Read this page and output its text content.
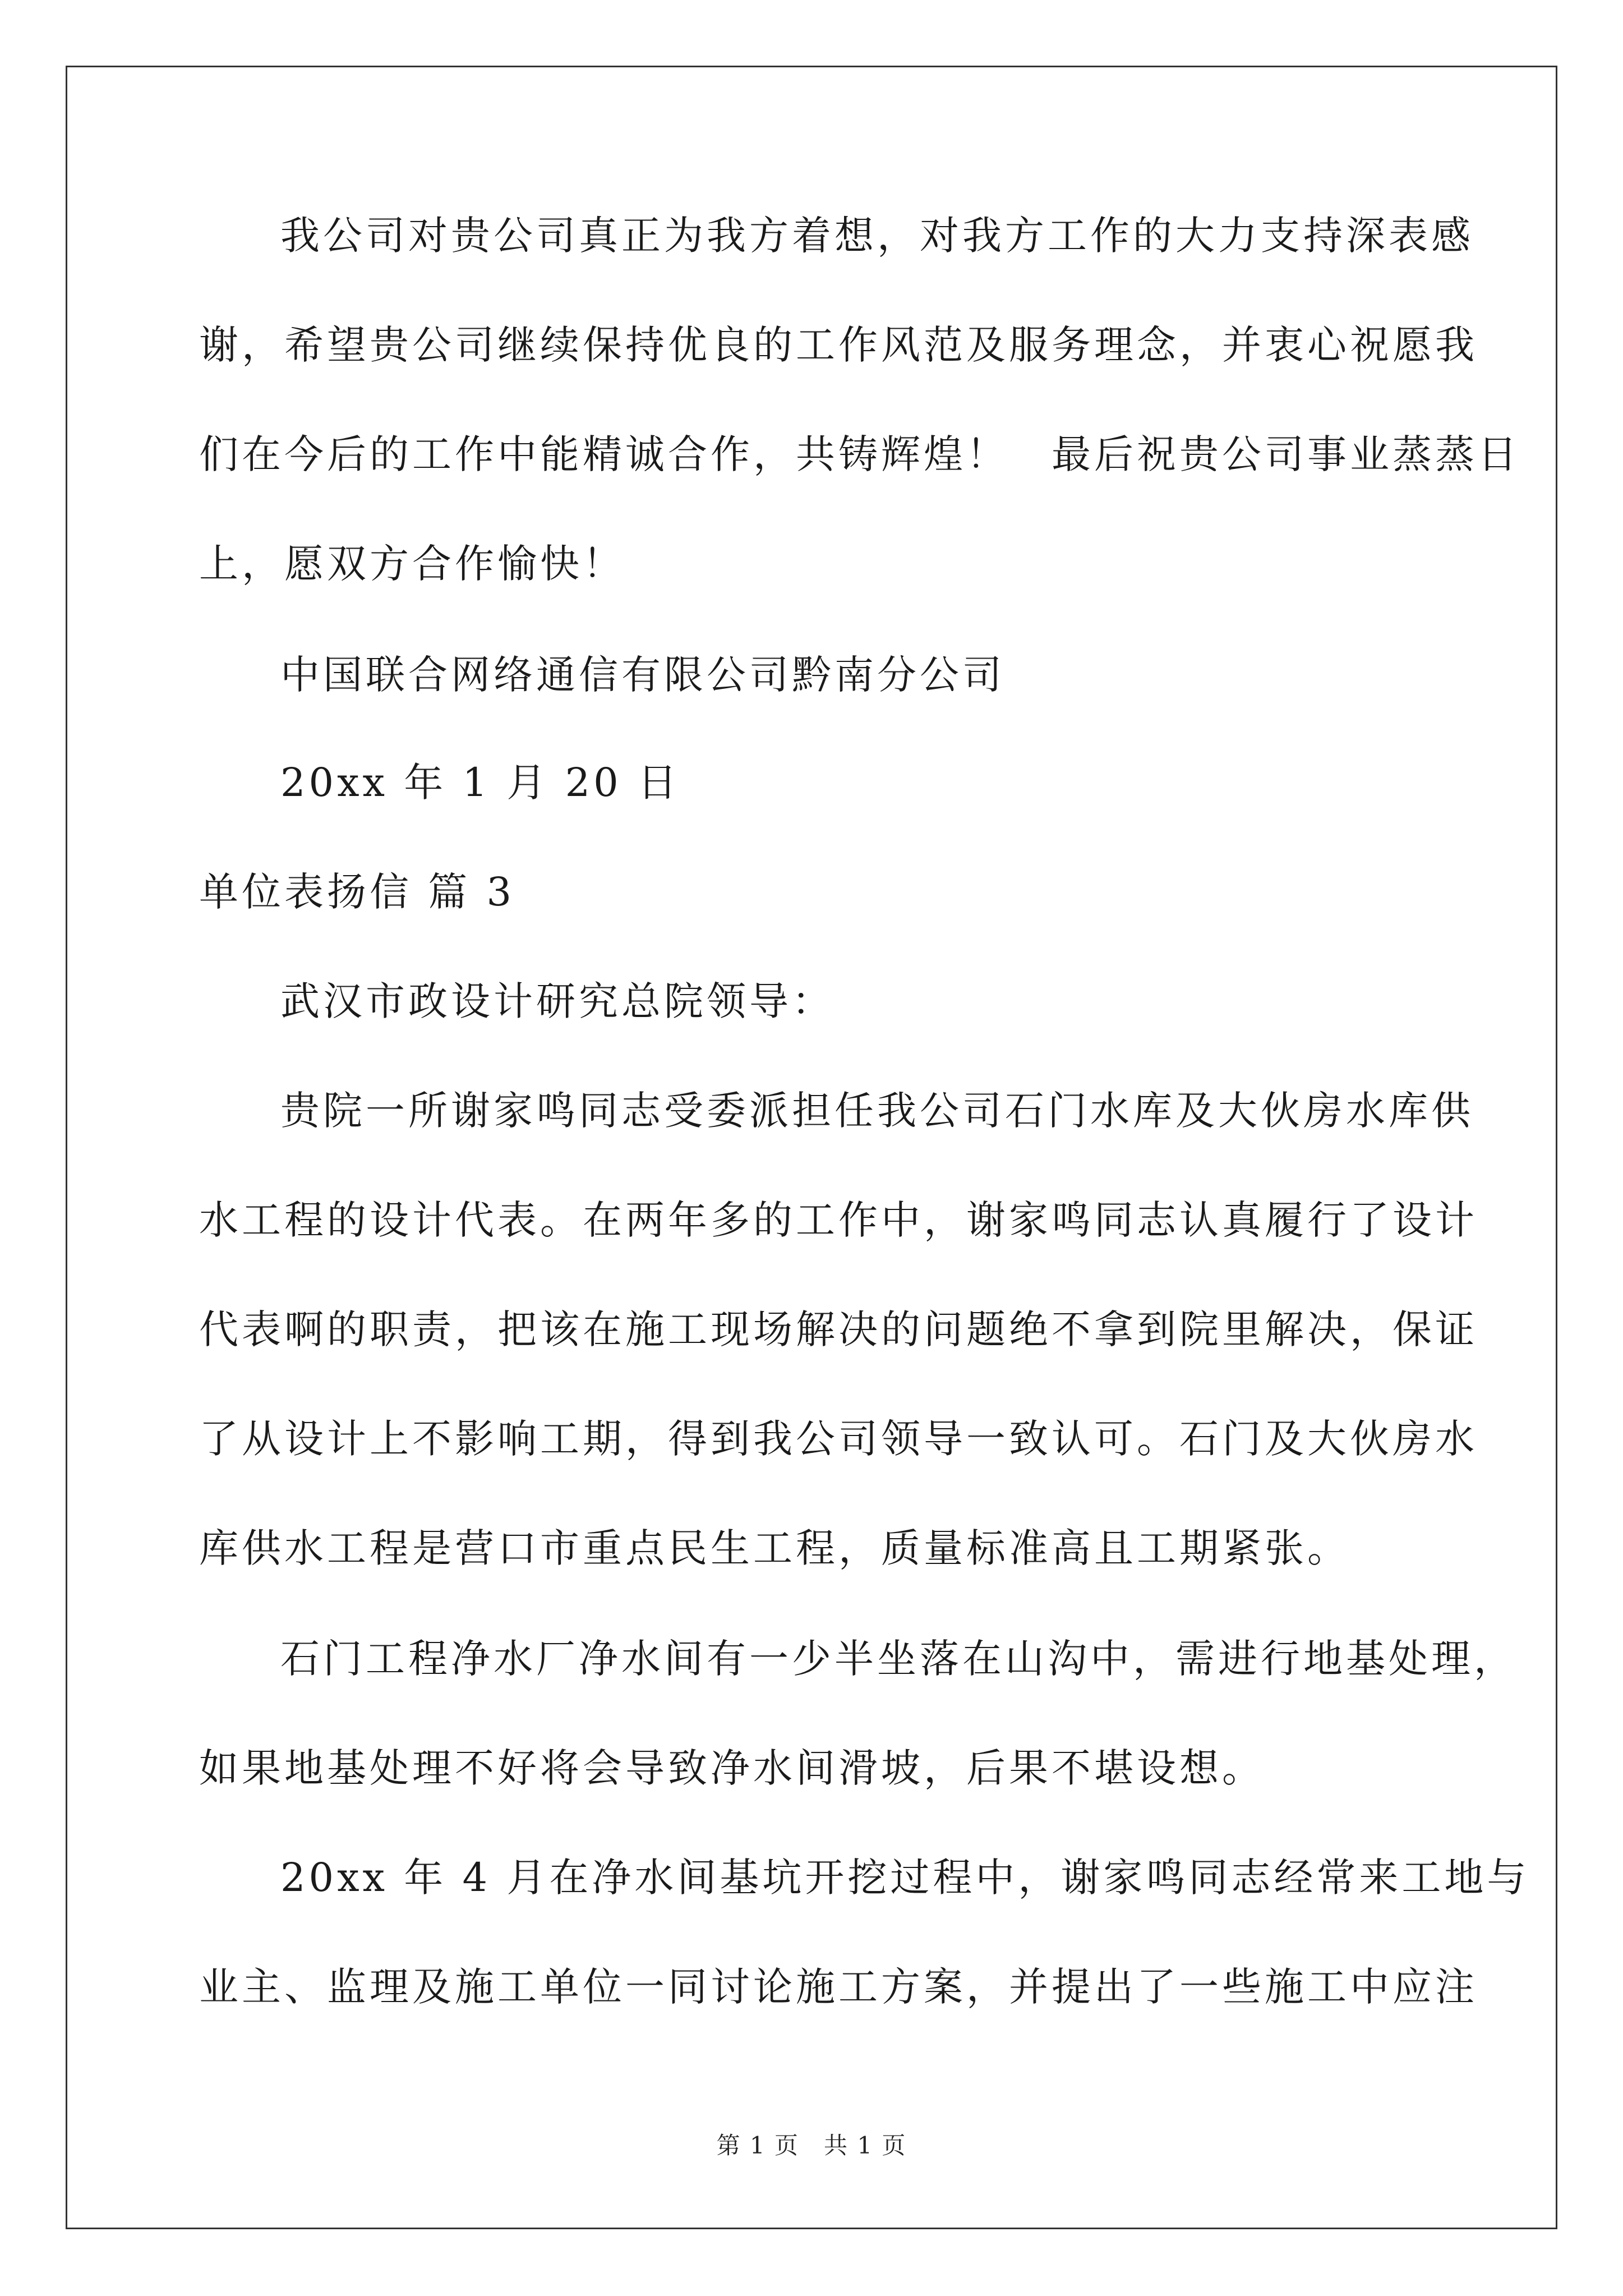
我公司对贵公司真正为我方着想，对我方工作的大力支持深表感
谢，希望贵公司继续保持优良的工作风范及服务理念，并衷心祝愿我
们在今后的工作中能精诚合作，共铸辉煌！　最后祝贵公司事业蒸蒸日
上，愿双方合作愉快！
中国联合网络通信有限公司黔南分公司
20xx 年 1 月 20 日
单位表扬信 篇 3
武汉市政设计研究总院领导：
贵院一所谢家鸣同志受委派担任我公司石门水库及大伙房水库供
水工程的设计代表。在两年多的工作中，谢家鸣同志认真履行了设计
代表啊的职责，把该在施工现场解决的问题绝不拿到院里解决，保证
了从设计上不影响工期，得到我公司领导一致认可。石门及大伙房水
库供水工程是营口市重点民生工程，质量标准高且工期紧张。
石门工程净水厂净水间有一少半坐落在山沟中，需进行地基处理，
如果地基处理不好将会导致净水间滑坡，后果不堪设想。
20xx 年 4 月在净水间基坑开挖过程中，谢家鸣同志经常来工地与
业主、监理及施工单位一同讨论施工方案，并提出了一些施工中应注
第 1 页　共 1 页
